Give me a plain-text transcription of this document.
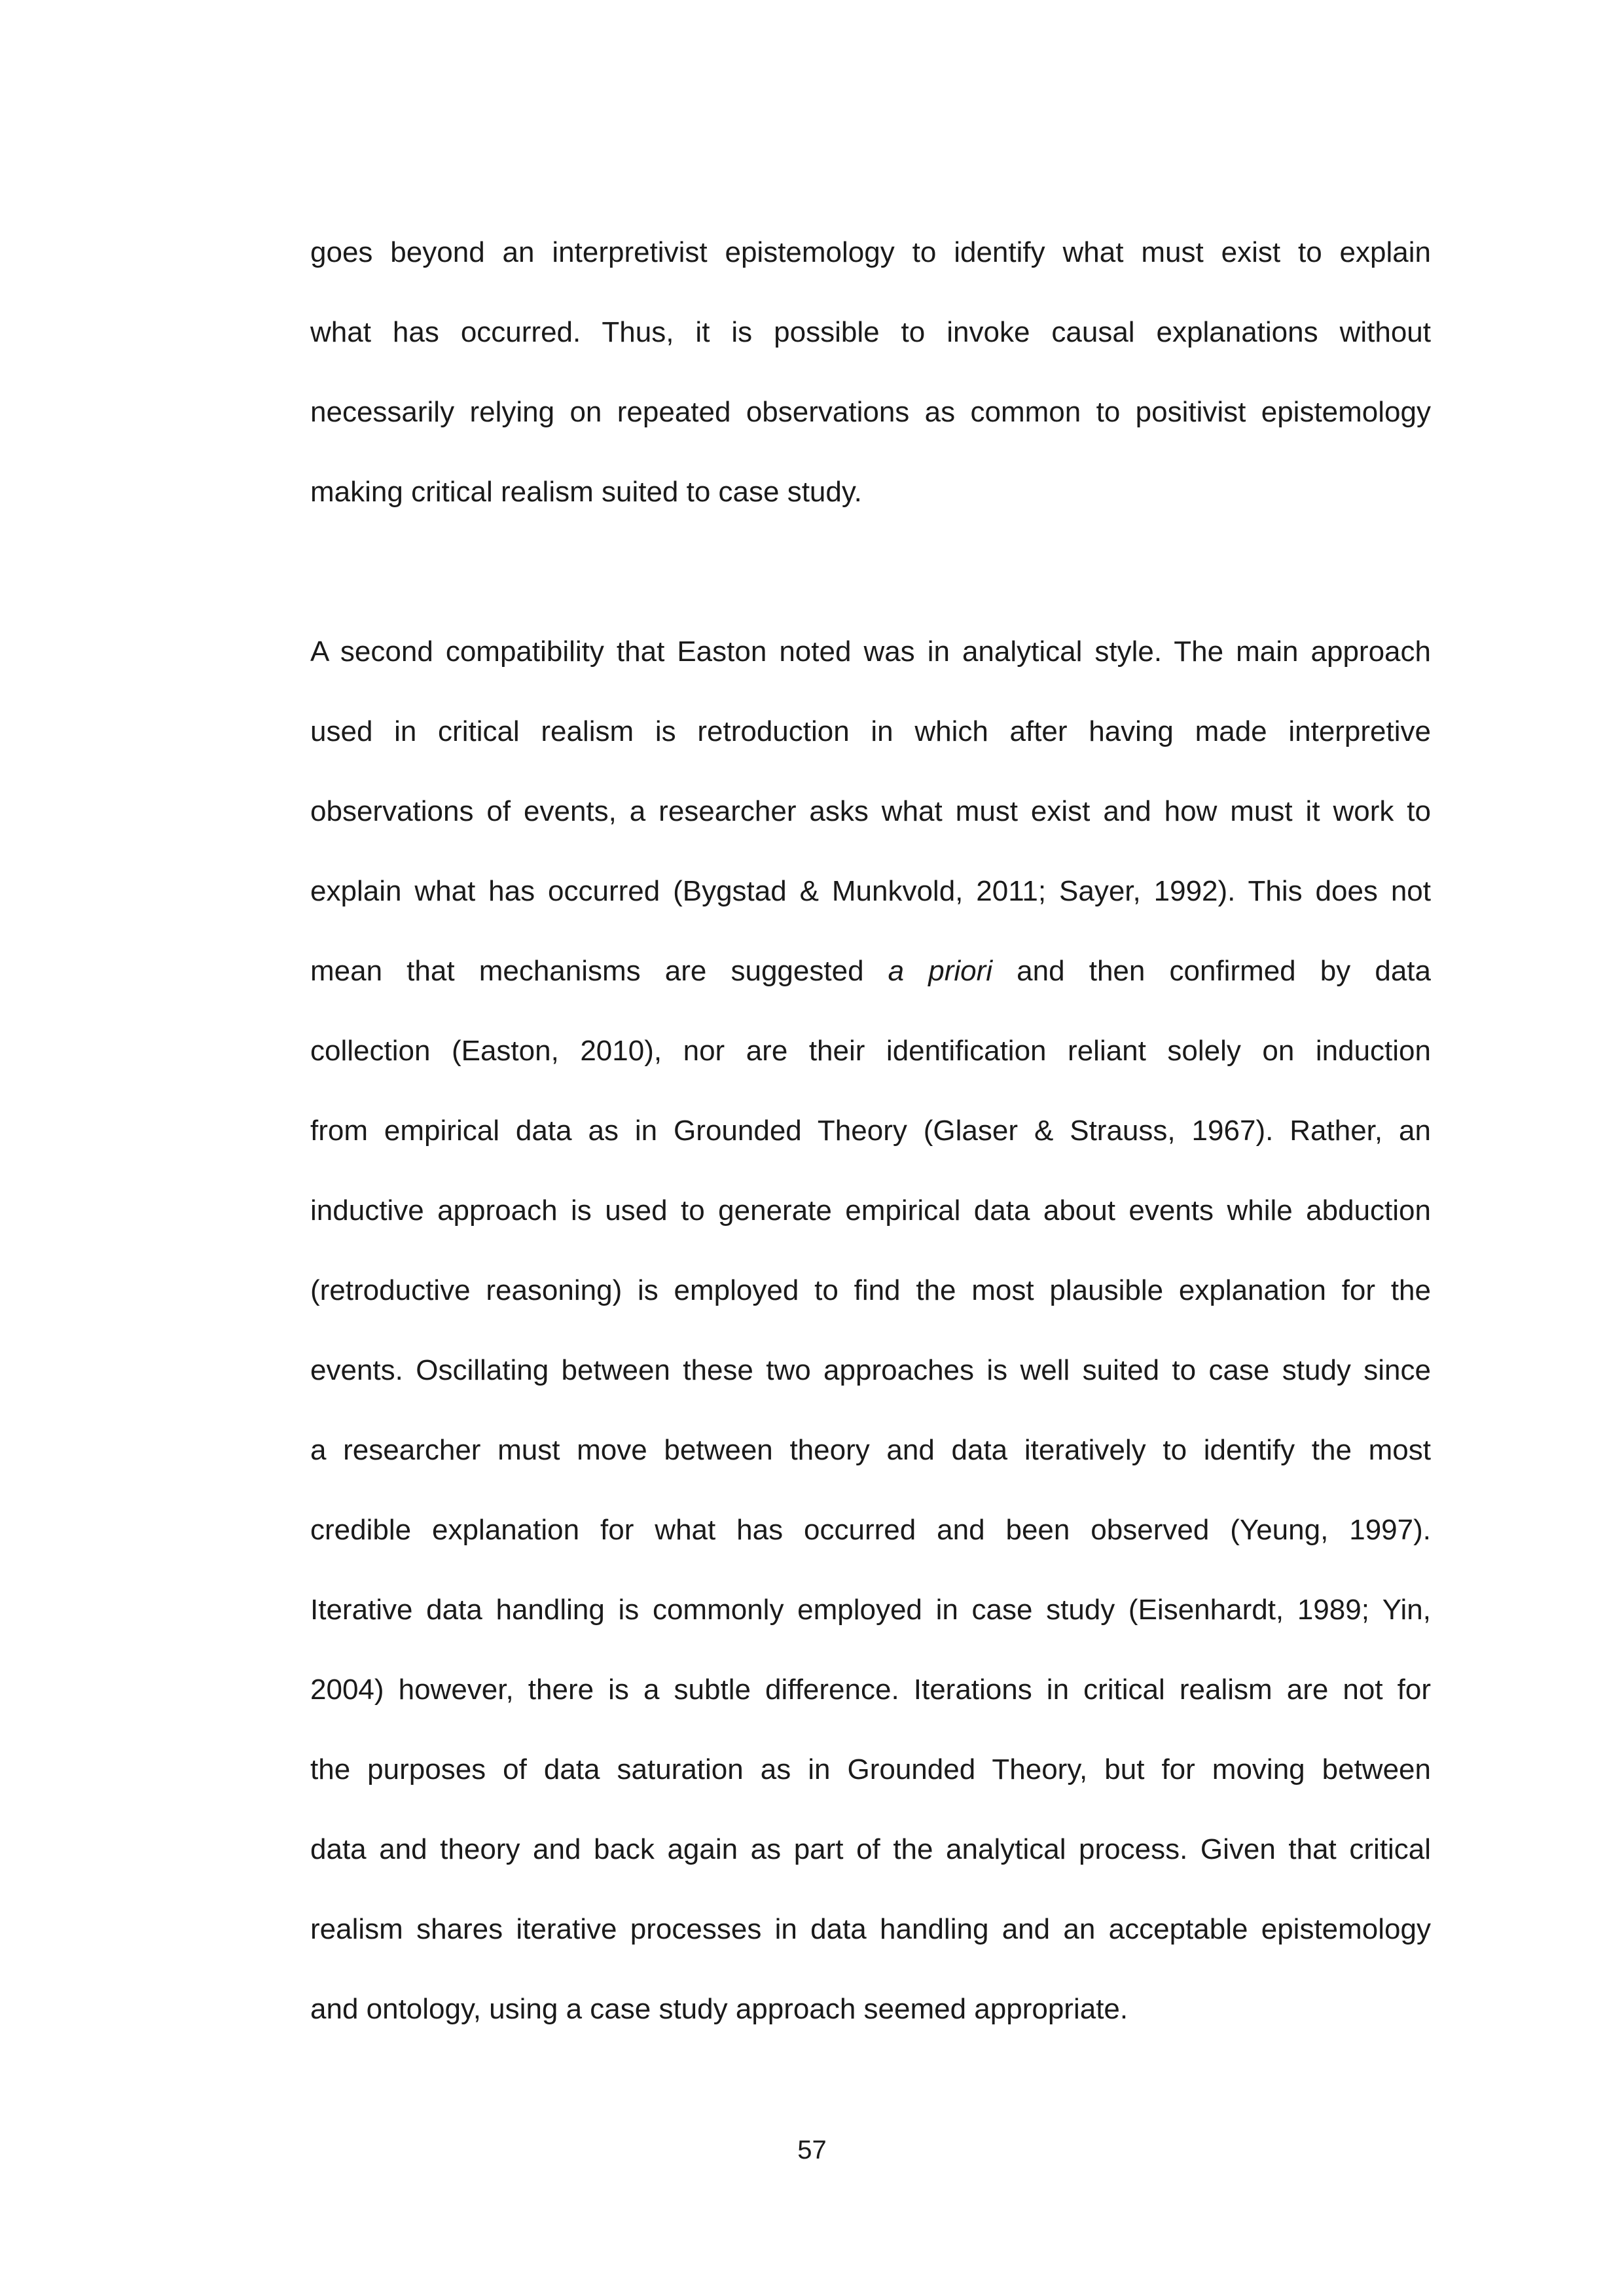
goes beyond an interpretivist epistemology to identify what must exist to explain
what has occurred. Thus, it is possible to invoke causal explanations without
necessarily relying on repeated observations as common to positivist epistemology
making critical realism suited to case study.
A second compatibility that Easton noted was in analytical style. The main approach
used in critical realism is retroduction in which after having made interpretive
observations of events, a researcher asks what must exist and how must it work to
explain what has occurred (Bygstad & Munkvold, 2011; Sayer, 1992). This does not
mean that mechanisms are suggested a priori and then confirmed by data
collection (Easton, 2010), nor are their identification reliant solely on induction
from empirical data as in Grounded Theory (Glaser & Strauss, 1967). Rather, an
inductive approach is used to generate empirical data about events while abduction
(retroductive reasoning) is employed to find the most plausible explanation for the
events. Oscillating between these two approaches is well suited to case study since
a researcher must move between theory and data iteratively to identify the most
credible explanation for what has occurred and been observed (Yeung, 1997).
Iterative data handling is commonly employed in case study (Eisenhardt, 1989; Yin,
2004) however, there is a subtle difference. Iterations in critical realism are not for
the purposes of data saturation as in Grounded Theory, but for moving between
data and theory and back again as part of the analytical process. Given that critical
realism shares iterative processes in data handling and an acceptable epistemology
and ontology, using a case study approach seemed appropriate.
57
